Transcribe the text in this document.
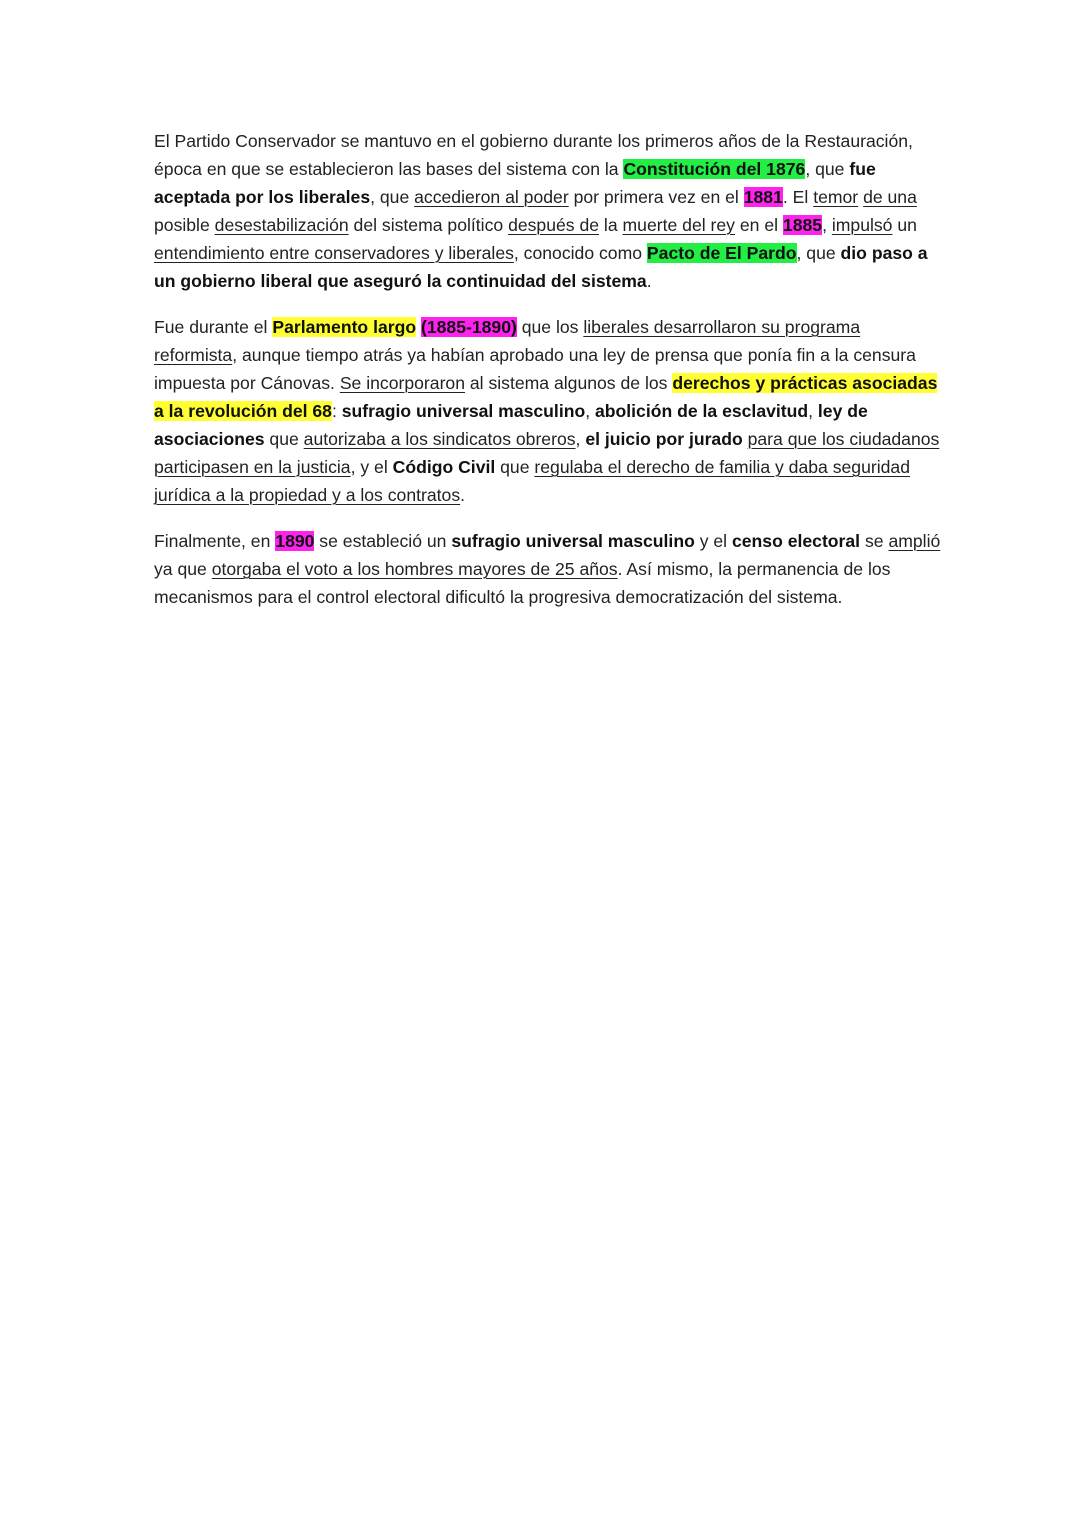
El Partido Conservador se mantuvo en el gobierno durante los primeros años de la Restauración, época en que se establecieron las bases del sistema con la Constitución del 1876, que fue aceptada por los liberales, que accedieron al poder por primera vez en el 1881. El temor de una posible desestabilización del sistema político después de la muerte del rey en el 1885, impulsó un entendimiento entre conservadores y liberales, conocido como Pacto de El Pardo, que dio paso a un gobierno liberal que aseguró la continuidad del sistema.

Fue durante el Parlamento largo (1885-1890) que los liberales desarrollaron su programa reformista, aunque tiempo atrás ya habían aprobado una ley de prensa que ponía fin a la censura impuesta por Cánovas. Se incorporaron al sistema algunos de los derechos y prácticas asociadas a la revolución del 68: sufragio universal masculino, abolición de la esclavitud, ley de asociaciones que autorizaba a los sindicatos obreros, el juicio por jurado para que los ciudadanos participasen en la justicia, y el Código Civil que regulaba el derecho de familia y daba seguridad jurídica a la propiedad y a los contratos.

Finalmente, en 1890 se estableció un sufragio universal masculino y el censo electoral se amplió ya que otorgaba el voto a los hombres mayores de 25 años. Así mismo, la permanencia de los mecanismos para el control electoral dificultó la progresiva democratización del sistema.
